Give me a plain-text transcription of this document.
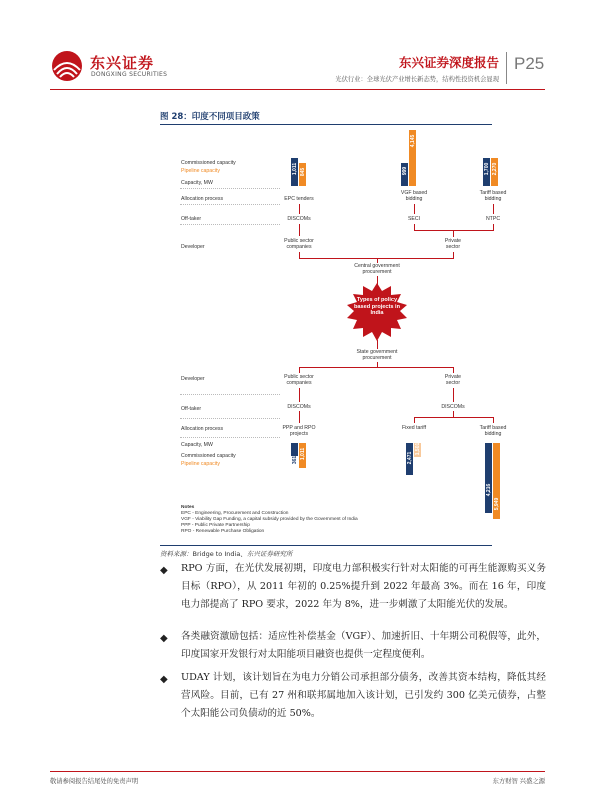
东兴证券
DONGXING SECURITIES
东兴证券深度报告
光伏行业：全球光伏产业增长新态势，结构性投资机会显现
P25
图 28：印度不同项目政策
Commissioned capacity
Pipeline capacity
Capacity, MW
Allocation process
Off-taker
Developer
1,011 845	999
4,145
1,700 2,270
EPC tenders
VGF based bidding
Tariff based bidding
DISCOMs	SECI	NTPC
Public sector companies
Private sector
Central government procurement
Types of policy based projects in India
State government procurement
Developer
Off-taker
Allocation process
Capacity, MW
Commissioned capacity
Pipeline capacity
Public sector companies
Private sector
DISCOMs	DISCOMs
PPP and RPO projects
Fixed tariff	Tariff based bidding
361 1,011	2,471
1,501
4,216
5,949
Notes
EPC - Engineering, Procurement and Construction
VGF - Viability Gap Funding, a capital subsidy provided by the Government of India
PPP - Public Private Partnership
RPO - Renewable Purchase Obligation
资料来源：Bridge to India、东兴证券研究所
◆ RPO 方面，在光伏发展初期，印度电力部积极实行针对太阳能的可再生能源购买义务目标（RPO），从 2011 年初的 0.25%提升到 2022 年最高 3%。而在 16 年，印度电力部提高了 RPO 要求，2022 年为 8%，进一步刺激了太阳能光伏的发展。
◆ 各类融资激励包括：适应性补偿基金（VGF）、加速折旧、十年期公司税假等，此外，印度国家开发银行对太阳能项目融资也提供一定程度便利。
◆ UDAY 计划，该计划旨在为电力分销公司承担部分债务，改善其资本结构，降低其经营风险。目前，已有 27 州和联邦属地加入该计划，已引发约 300 亿美元债券，占整个太阳能公司负债动的近 50%。
敬请参阅报告结尾处的免责声明	东方财智 兴盛之源
